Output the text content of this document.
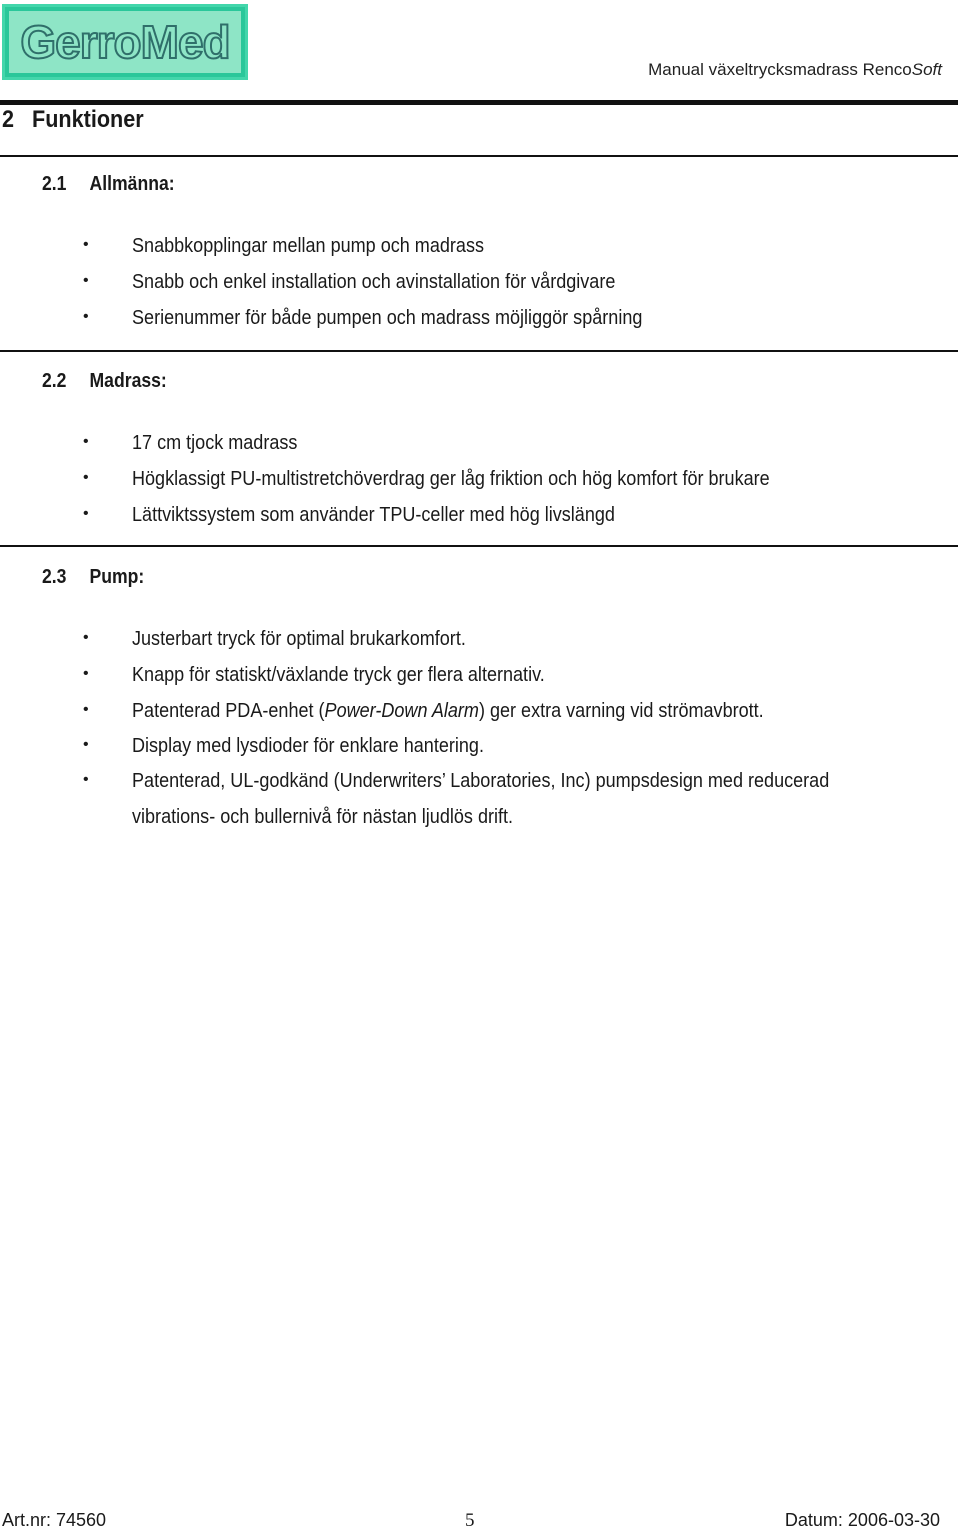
GerroMed
Manual växeltrycksmadrass RencoSoft
2 Funktioner
2.1 Allmänna:
• Snabbkopplingar mellan pump och madrass
• Snabb och enkel installation och avinstallation för vårdgivare
• Serienummer för både pumpen och madrass möjliggör spårning
2.2 Madrass:
• 17 cm tjock madrass
• Högklassigt PU-multistretchöverdrag ger låg friktion och hög komfort för brukare
• Lättviktssystem som använder TPU-celler med hög livslängd
2.3 Pump:
• Justerbart tryck för optimal brukarkomfort.
• Knapp för statiskt/växlande tryck ger flera alternativ.
• Patenterad PDA-enhet (Power-Down Alarm) ger extra varning vid strömavbrott.
• Display med lysdioder för enklare hantering.
• Patenterad, UL-godkänd (Underwriters’ Laboratories, Inc) pumpsdesign med reducerad
vibrations- och bullernivå för nästan ljudlös drift.
Art.nr: 74560	5	Datum: 2006-03-30
